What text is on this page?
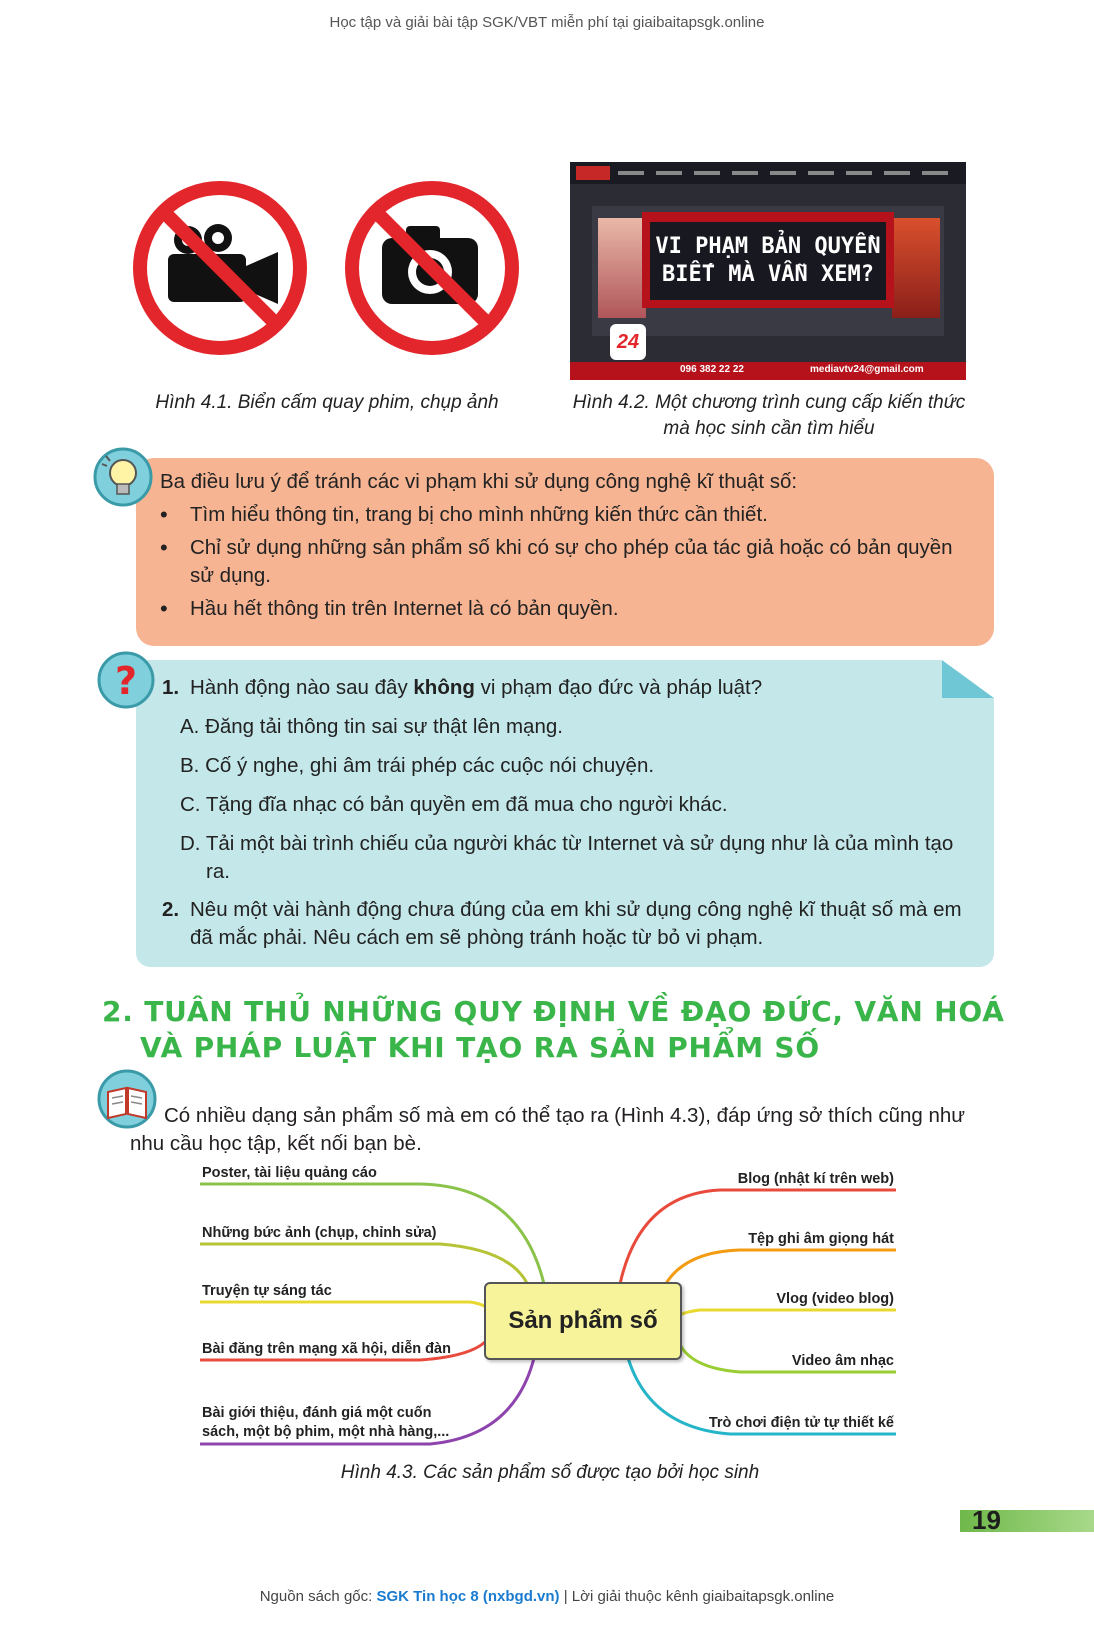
Học tập và giải bài tập SGK/VBT miễn phí tại giaibaitapsgk.online
Hình 4.1. Biển cấm quay phim, chụp ảnh
VI PHẠM BẢN QUYỀN
BIẾT MÀ VẪN XEM?
24
096 382 22 22	mediavtv24@gmail.com
Hình 4.2. Một chương trình cung cấp kiến thức
mà học sinh cần tìm hiểu
Ba điều lưu ý để tránh các vi phạm khi sử dụng công nghệ kĩ thuật số:
• Tìm hiểu thông tin, trang bị cho mình những kiến thức cần thiết.
• Chỉ sử dụng những sản phẩm số khi có sự cho phép của tác giả hoặc có bản quyền sử dụng.
• Hầu hết thông tin trên Internet là có bản quyền.
? 1. Hành động nào sau đây không vi phạm đạo đức và pháp luật?
A. Đăng tải thông tin sai sự thật lên mạng.
B. Cố ý nghe, ghi âm trái phép các cuộc nói chuyện.
C. Tặng đĩa nhạc có bản quyền em đã mua cho người khác.
D. Tải một bài trình chiếu của người khác từ Internet và sử dụng như là của mình tạo ra.
2. Nêu một vài hành động chưa đúng của em khi sử dụng công nghệ kĩ thuật số mà em đã mắc phải. Nêu cách em sẽ phòng tránh hoặc từ bỏ vi phạm.
2. TUÂN THỦ NHỮNG QUY ĐỊNH VỀ ĐẠO ĐỨC, VĂN HOÁ
VÀ PHÁP LUẬT KHI TẠO RA SẢN PHẨM SỐ
Có nhiều dạng sản phẩm số mà em có thể tạo ra (Hình 4.3), đáp ứng sở thích cũng như nhu cầu học tập, kết nối bạn bè.
Sản phẩm số
Poster, tài liệu quảng cáo
Những bức ảnh (chụp, chỉnh sửa)
Truyện tự sáng tác
Bài đăng trên mạng xã hội, diễn đàn
Bài giới thiệu, đánh giá một cuốn sách, một bộ phim, một nhà hàng,...
Blog (nhật kí trên web)
Tệp ghi âm giọng hát
Vlog (video blog)
Video âm nhạc
Trò chơi điện tử tự thiết kế
Hình 4.3. Các sản phẩm số được tạo bởi học sinh
19
Nguồn sách gốc: SGK Tin học 8 (nxbgd.vn) | Lời giải thuộc kênh giaibaitapsgk.online
